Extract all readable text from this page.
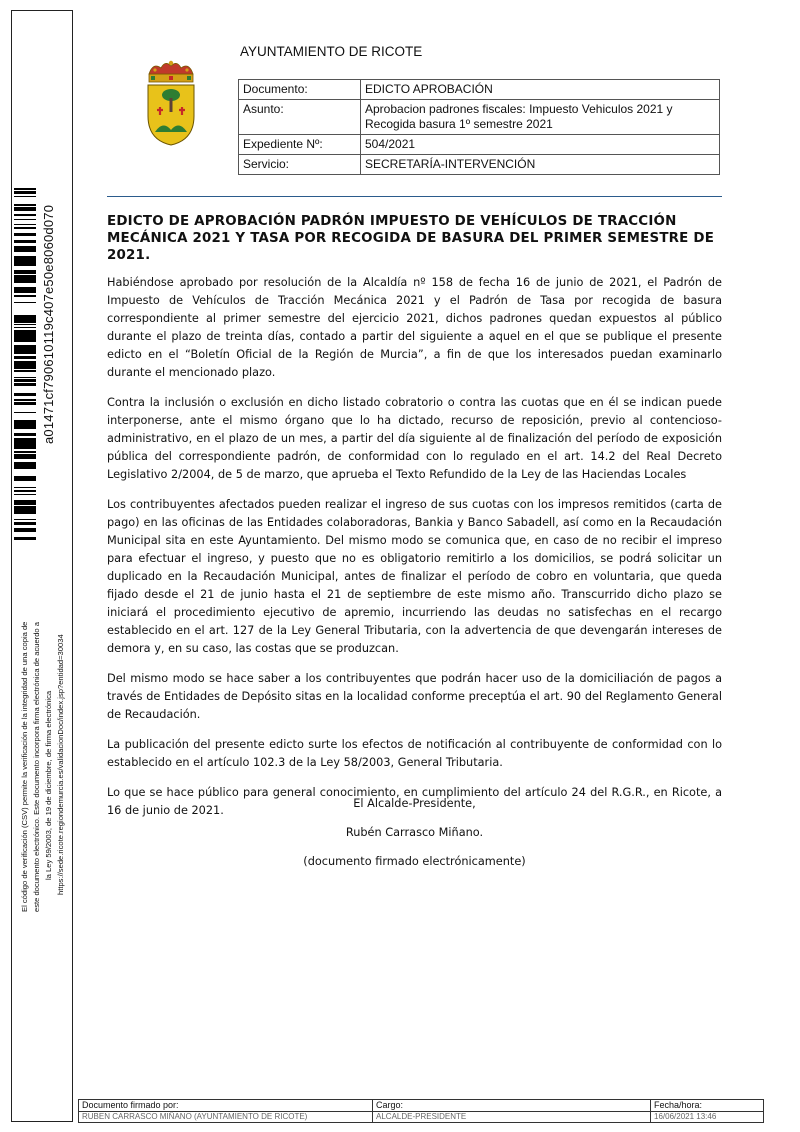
a01471cf790610119c407e50e8060d070
El código de verificación (CSV) permite la verificación de la integridad de una copia de este documento electrónico. Este documento incorpora firma electrónica de acuerdo a la Ley 59/2003, de 19 de diciembre, de firma electrónica https://sede.ricote.regiondemurcia.es/validacionDoc/index.jsp?entidad=30034
AYUNTAMIENTO DE RICOTE
Documento:	EDICTO APROBACIÓN
Asunto:	Aprobacion padrones fiscales: Impuesto Vehiculos 2021 y Recogida basura 1º semestre 2021
Expediente Nº:	504/2021
Servicio:	SECRETARÍA-INTERVENCIÓN
EDICTO DE APROBACIÓN PADRÓN IMPUESTO DE VEHÍCULOS DE TRACCIÓN MECÁNICA 2021 Y TASA POR RECOGIDA DE BASURA DEL PRIMER SEMESTRE DE 2021.

Habiéndose aprobado por resolución de la Alcaldía nº 158 de fecha 16 de junio de 2021, el Padrón de Impuesto de Vehículos de Tracción Mecánica 2021 y el Padrón de Tasa por recogida de basura correspondiente al primer semestre del ejercicio 2021, dichos padrones quedan expuestos al público durante el plazo de treinta días, contado a partir del siguiente a aquel en el que se publique el presente edicto en el “Boletín Oficial de la Región de Murcia”, a fin de que los interesados puedan examinarlo durante el mencionado plazo.

Contra la inclusión o exclusión en dicho listado cobratorio o contra las cuotas que en él se indican puede interponerse, ante el mismo órgano que lo ha dictado, recurso de reposición, previo al contencioso-administrativo, en el plazo de un mes, a partir del día siguiente al de finalización del período de exposición pública del correspondiente padrón, de conformidad con lo regulado en el art. 14.2 del Real Decreto Legislativo 2/2004, de 5 de marzo, que aprueba el Texto Refundido de la Ley de las Haciendas Locales

Los contribuyentes afectados pueden realizar el ingreso de sus cuotas con los impresos remitidos (carta de pago) en las oficinas de las Entidades colaboradoras, Bankia y Banco Sabadell, así como en la Recaudación Municipal sita en este Ayuntamiento. Del mismo modo se comunica que, en caso de no recibir el impreso para efectuar el ingreso, y puesto que no es obligatorio remitirlo a los domicilios, se podrá solicitar un duplicado en la Recaudación Municipal, antes de finalizar el período de cobro en voluntaria, que queda fijado desde el 21 de junio hasta el 21 de septiembre de este mismo año. Transcurrido dicho plazo se iniciará el procedimiento ejecutivo de apremio, incurriendo las deudas no satisfechas en el recargo establecido en el art. 127 de la Ley General Tributaria, con la advertencia de que devengarán intereses de demora y, en su caso, las costas que se produzcan.

Del mismo modo se hace saber a los contribuyentes que podrán hacer uso de la domiciliación de pagos a través de Entidades de Depósito sitas en la localidad conforme preceptúa el art. 90 del Reglamento General de Recaudación.

La publicación del presente edicto surte los efectos de notificación al contribuyente de conformidad con lo establecido en el artículo 102.3 de la Ley 58/2003, General Tributaria.

Lo que se hace público para general conocimiento, en cumplimiento del artículo 24 del R.G.R., en Ricote, a 16 de junio de 2021.

El Alcalde-Presidente,
Rubén Carrasco Miñano.
(documento firmado electrónicamente)
Documento firmado por:	Cargo:	Fecha/hora:
RUBEN CARRASCO MIÑANO (AYUNTAMIENTO DE RICOTE)	ALCALDE-PRESIDENTE	16/06/2021 13:46
